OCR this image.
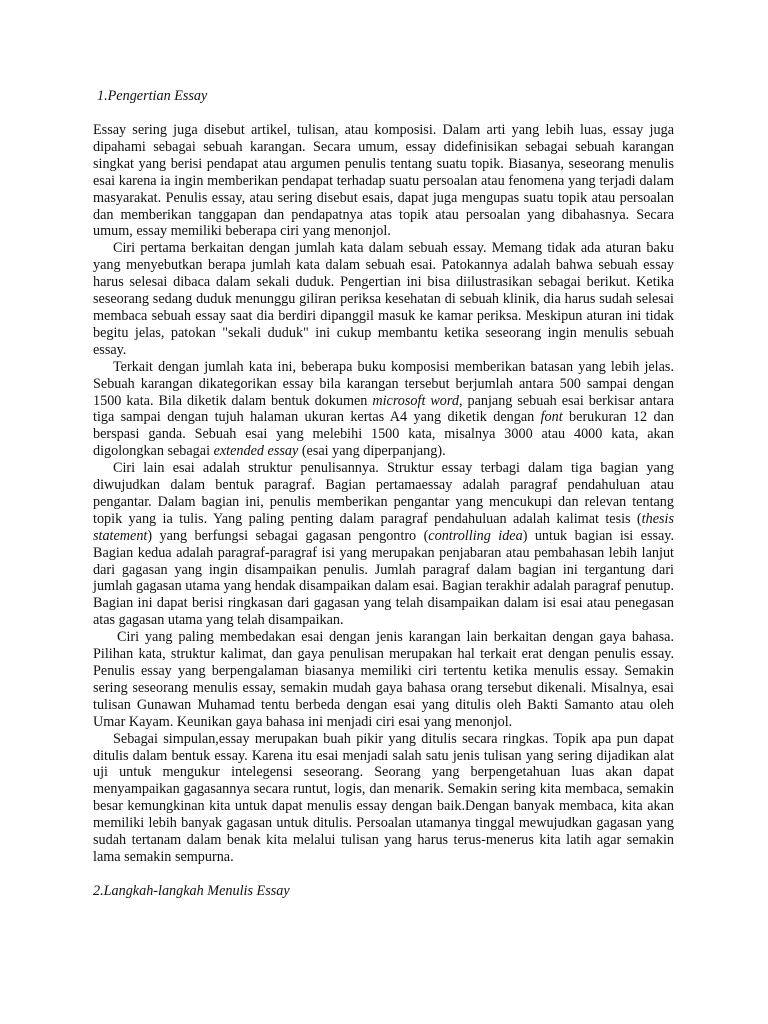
1.Pengertian Essay

Essay sering juga disebut artikel, tulisan, atau komposisi. Dalam arti yang lebih luas, essay juga dipahami sebagai sebuah karangan. Secara umum, essay didefinisikan sebagai sebuah karangan singkat yang berisi pendapat atau argumen penulis tentang suatu topik. Biasanya, seseorang menulis esai karena ia ingin memberikan pendapat terhadap suatu persoalan atau fenomena yang terjadi dalam masyarakat. Penulis essay, atau sering disebut esais, dapat juga mengupas suatu topik atau persoalan dan memberikan tanggapan dan pendapatnya atas topik atau persoalan yang dibahasnya. Secara umum, essay memiliki beberapa ciri yang menonjol.

Ciri pertama berkaitan dengan jumlah kata dalam sebuah essay. Memang tidak ada aturan baku yang menyebutkan berapa jumlah kata dalam sebuah esai. Patokannya adalah bahwa sebuah essay harus selesai dibaca dalam sekali duduk. Pengertian ini bisa diilustrasikan sebagai berikut. Ketika seseorang sedang duduk menunggu giliran periksa kesehatan di sebuah klinik, dia harus sudah selesai membaca sebuah essay saat dia berdiri dipanggil masuk ke kamar periksa. Meskipun aturan ini tidak begitu jelas, patokan "sekali duduk" ini cukup membantu ketika seseorang ingin menulis sebuah essay.

Terkait dengan jumlah kata ini, beberapa buku komposisi memberikan batasan yang lebih jelas. Sebuah karangan dikategorikan essay bila karangan tersebut berjumlah antara 500 sampai dengan 1500 kata. Bila diketik dalam bentuk dokumen microsoft word, panjang sebuah esai berkisar antara tiga sampai dengan tujuh halaman ukuran kertas A4 yang diketik dengan font berukuran 12 dan berspasi ganda. Sebuah esai yang melebihi 1500 kata, misalnya 3000 atau 4000 kata, akan digolongkan sebagai extended essay (esai yang diperpanjang).

Ciri lain esai adalah struktur penulisannya. Struktur essay terbagi dalam tiga bagian yang diwujudkan dalam bentuk paragraf. Bagian pertamaessay adalah paragraf pendahuluan atau pengantar. Dalam bagian ini, penulis memberikan pengantar yang mencukupi dan relevan tentang topik yang ia tulis. Yang paling penting dalam paragraf pendahuluan adalah kalimat tesis (thesis statement) yang berfungsi sebagai gagasan pengontro (controlling idea) untuk bagian isi essay. Bagian kedua adalah paragraf-paragraf isi yang merupakan penjabaran atau pembahasan lebih lanjut dari gagasan yang ingin disampaikan penulis. Jumlah paragraf dalam bagian ini tergantung dari jumlah gagasan utama yang hendak disampaikan dalam esai. Bagian terakhir adalah paragraf penutup. Bagian ini dapat berisi ringkasan dari gagasan yang telah disampaikan dalam isi esai atau penegasan atas gagasan utama yang telah disampaikan.

Ciri yang paling membedakan esai dengan jenis karangan lain berkaitan dengan gaya bahasa. Pilihan kata, struktur kalimat, dan gaya penulisan merupakan hal terkait erat dengan penulis essay. Penulis essay yang berpengalaman biasanya memiliki ciri tertentu ketika menulis essay. Semakin sering seseorang menulis essay, semakin mudah gaya bahasa orang tersebut dikenali. Misalnya, esai tulisan Gunawan Muhamad tentu berbeda dengan esai yang ditulis oleh Bakti Samanto atau oleh Umar Kayam. Keunikan gaya bahasa ini menjadi ciri esai yang menonjol.

Sebagai simpulan,essay merupakan buah pikir yang ditulis secara ringkas. Topik apa pun dapat ditulis dalam bentuk essay. Karena itu esai menjadi salah satu jenis tulisan yang sering dijadikan alat uji untuk mengukur intelegensi seseorang. Seorang yang berpengetahuan luas akan dapat menyampaikan gagasannya secara runtut, logis, dan menarik. Semakin sering kita membaca, semakin besar kemungkinan kita untuk dapat menulis essay dengan baik.Dengan banyak membaca, kita akan memiliki lebih banyak gagasan untuk ditulis. Persoalan utamanya tinggal mewujudkan gagasan yang sudah tertanam dalam benak kita melalui tulisan yang harus terus-menerus kita latih agar semakin lama semakin sempurna.

2.Langkah-langkah Menulis Essay
